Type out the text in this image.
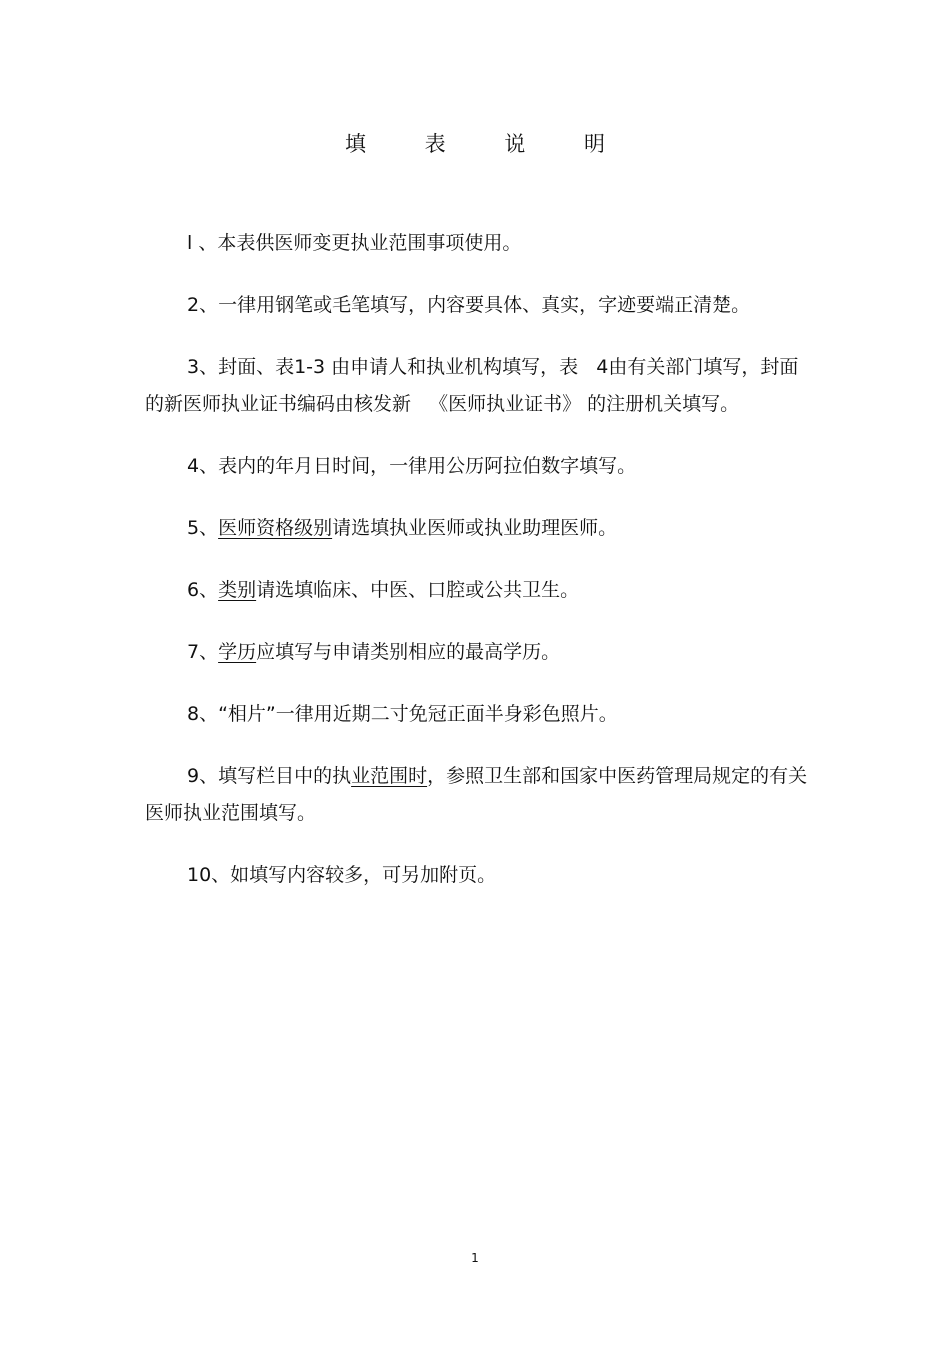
填 表 说 明

l 、本表供医师变更执业范围事项使用。

2、一律用钢笔或毛笔填写，内容要具体、真实，字迹要端正清楚。

3、封面、表1-3 由申请人和执业机构填写，表   4由有关部门填写，封面的新医师执业证书编码由核发新   《医师执业证书》 的注册机关填写。

4、表内的年月日时间，一律用公历阿拉伯数字填写。

5、医师资格级别请选填执业医师或执业助理医师。

6、类别请选填临床、中医、口腔或公共卫生。

7、学历应填写与申请类别相应的最高学历。

8、“相片”一律用近期二寸免冠正面半身彩色照片。

9、填写栏目中的执业范围时，参照卫生部和国家中医药管理局规定的有关医师执业范围填写。

10、如填写内容较多，可另加附页。

1
